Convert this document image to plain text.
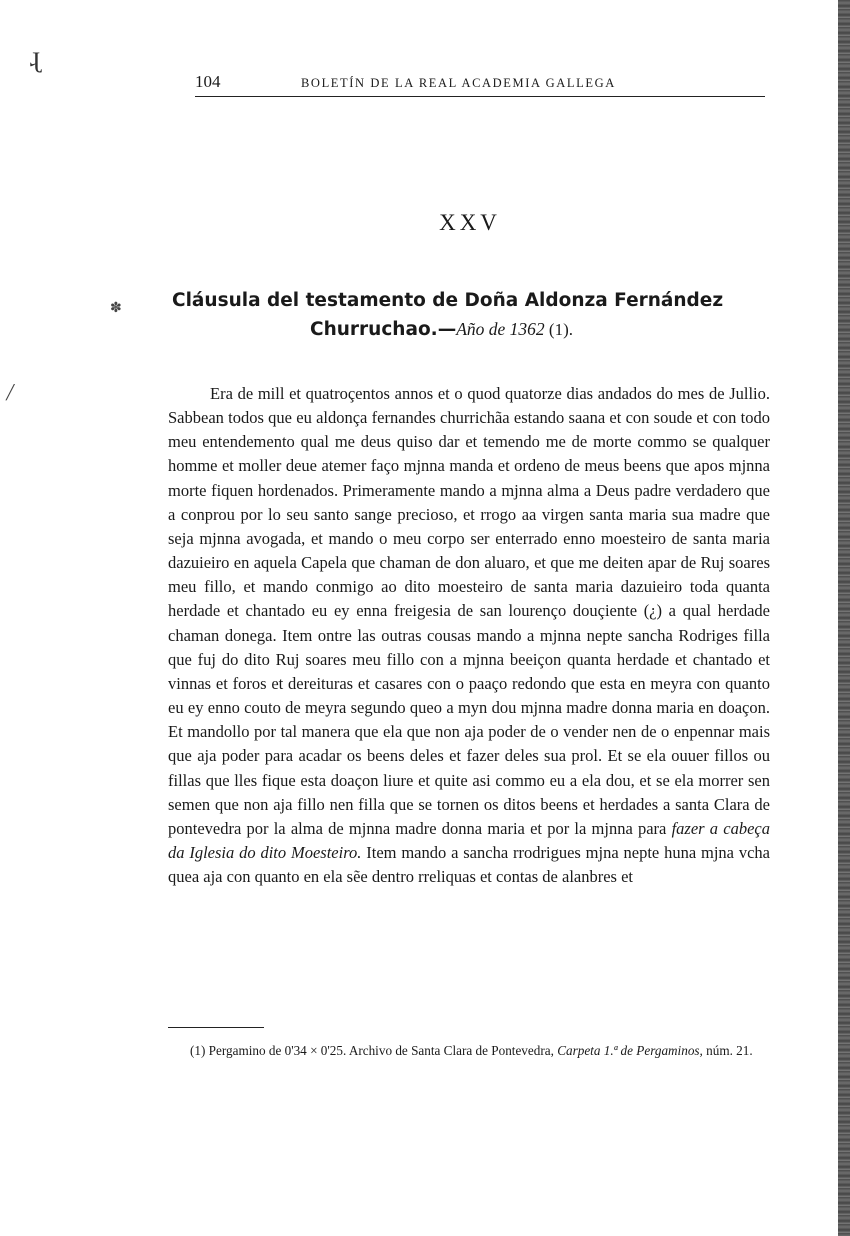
ɻ
✽
╱
104	BOLETÍN DE LA REAL ACADEMIA GALLEGA
XXV
Cláusula del testamento de Doña Aldonza Fernández
Churruchao.—Año de 1362 (1).

Era de mill et quatroçentos annos et o quod quatorze dias andados do mes de Jullio. Sabbean todos que eu aldonça fernandes churrichãa estando saana et con soude et con todo meu entendemento qual me deus quiso dar et temendo me de morte commo se qualquer homme et moller deue atemer faço mjnna manda et ordeno de meus beens que apos mjnna morte fiquen hordenados. Primeramente mando a mjnna alma a Deus padre verdadero que a conprou por lo seu santo sange precioso, et rrogo aa virgen santa maria sua madre que seja mjnna avogada, et mando o meu corpo ser enterrado enno moesteiro de santa maria dazuieiro en aquela Capela que chaman de don aluaro, et que me deiten apar de Ruj soares meu fillo, et mando conmigo ao dito moesteiro de santa maria dazuieiro toda quanta herdade et chantado eu ey enna freigesia de san lourenço douçiente (¿) a qual herdade chaman donega. Item ontre las outras cousas mando a mjnna nepte sancha Rodriges filla que fuj do dito Ruj soares meu fillo con a mjnna beeiçon quanta herdade et chantado et vinnas et foros et dereituras et casares con o paaço redondo que esta en meyra con quanto eu ey enno couto de meyra segundo queo a myn dou mjnna madre donna maria en doaçon. Et mandollo por tal manera que ela que non aja poder de o vender nen de o enpennar mais que aja poder para acadar os beens deles et fazer deles sua prol. Et se ela ouuer fillos ou fillas que lles fique esta doaçon liure et quite asi commo eu a ela dou, et se ela morrer sen semen que non aja fillo nen filla que se tornen os ditos beens et herdades a santa Clara de pontevedra por la alma de mjnna madre donna maria et por la mjnna para fazer a cabeça da Iglesia do dito Moesteiro. Item mando a sancha rrodrigues mjna nepte huna mjna vcha quea aja con quanto en ela sẽe dentro rreliquas et contas de alanbres et

(1) Pergamino de 0'34 × 0'25. Archivo de Santa Clara de Pontevedra, Carpeta 1.ª de Pergaminos, núm. 21.
